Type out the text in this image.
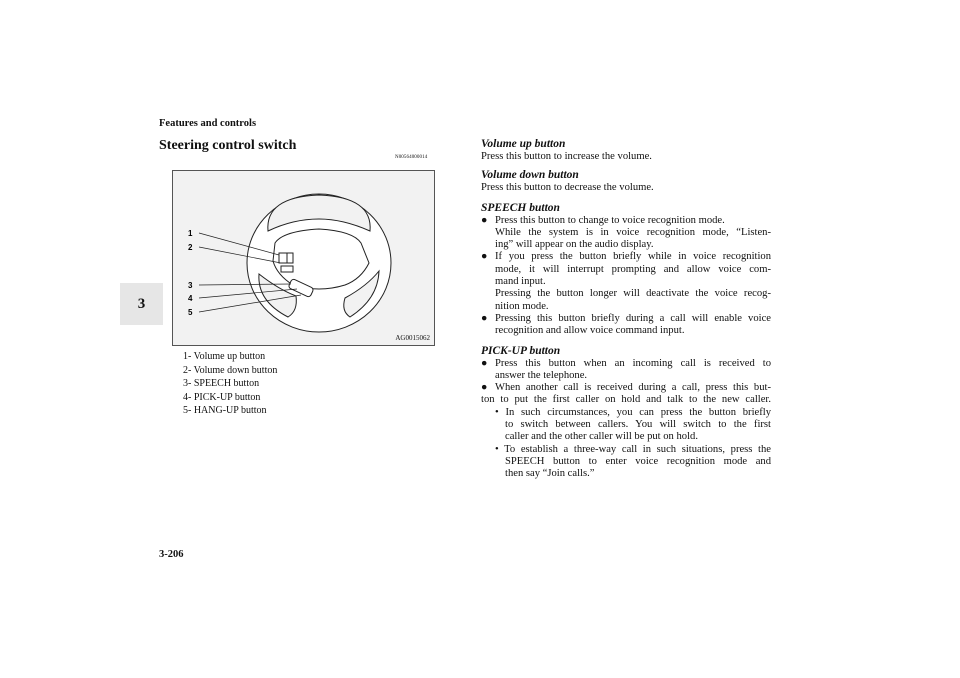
Features and controls
Steering control switch
N00564000014
3
1
2
3
4
5
AG0015062
1- Volume up button
2- Volume down button
3- SPEECH button
4- PICK-UP button
5- HANG-UP button
Volume up button
Press this button to increase the volume.
Volume down button
Press this button to decrease the volume.
SPEECH button
● Press this button to change to voice recognition mode.
While the system is in voice recognition mode, “Listen-
ing” will appear on the audio display.
● If you press the button briefly while in voice recognition
mode, it will interrupt prompting and allow voice com-
mand input.
Pressing the button longer will deactivate the voice recog-
nition mode.
● Pressing this button briefly during a call will enable voice
recognition and allow voice command input.
PICK-UP button
● Press this button when an incoming call is received to
answer the telephone.
● When another call is received during a call, press this but-
ton to put the first caller on hold and talk to the new caller.
• In such circumstances, you can press the button briefly
to switch between callers. You will switch to the first
caller and the other caller will be put on hold.
• To establish a three-way call in such situations, press the
SPEECH button to enter voice recognition mode and
then say “Join calls.”
3-206
